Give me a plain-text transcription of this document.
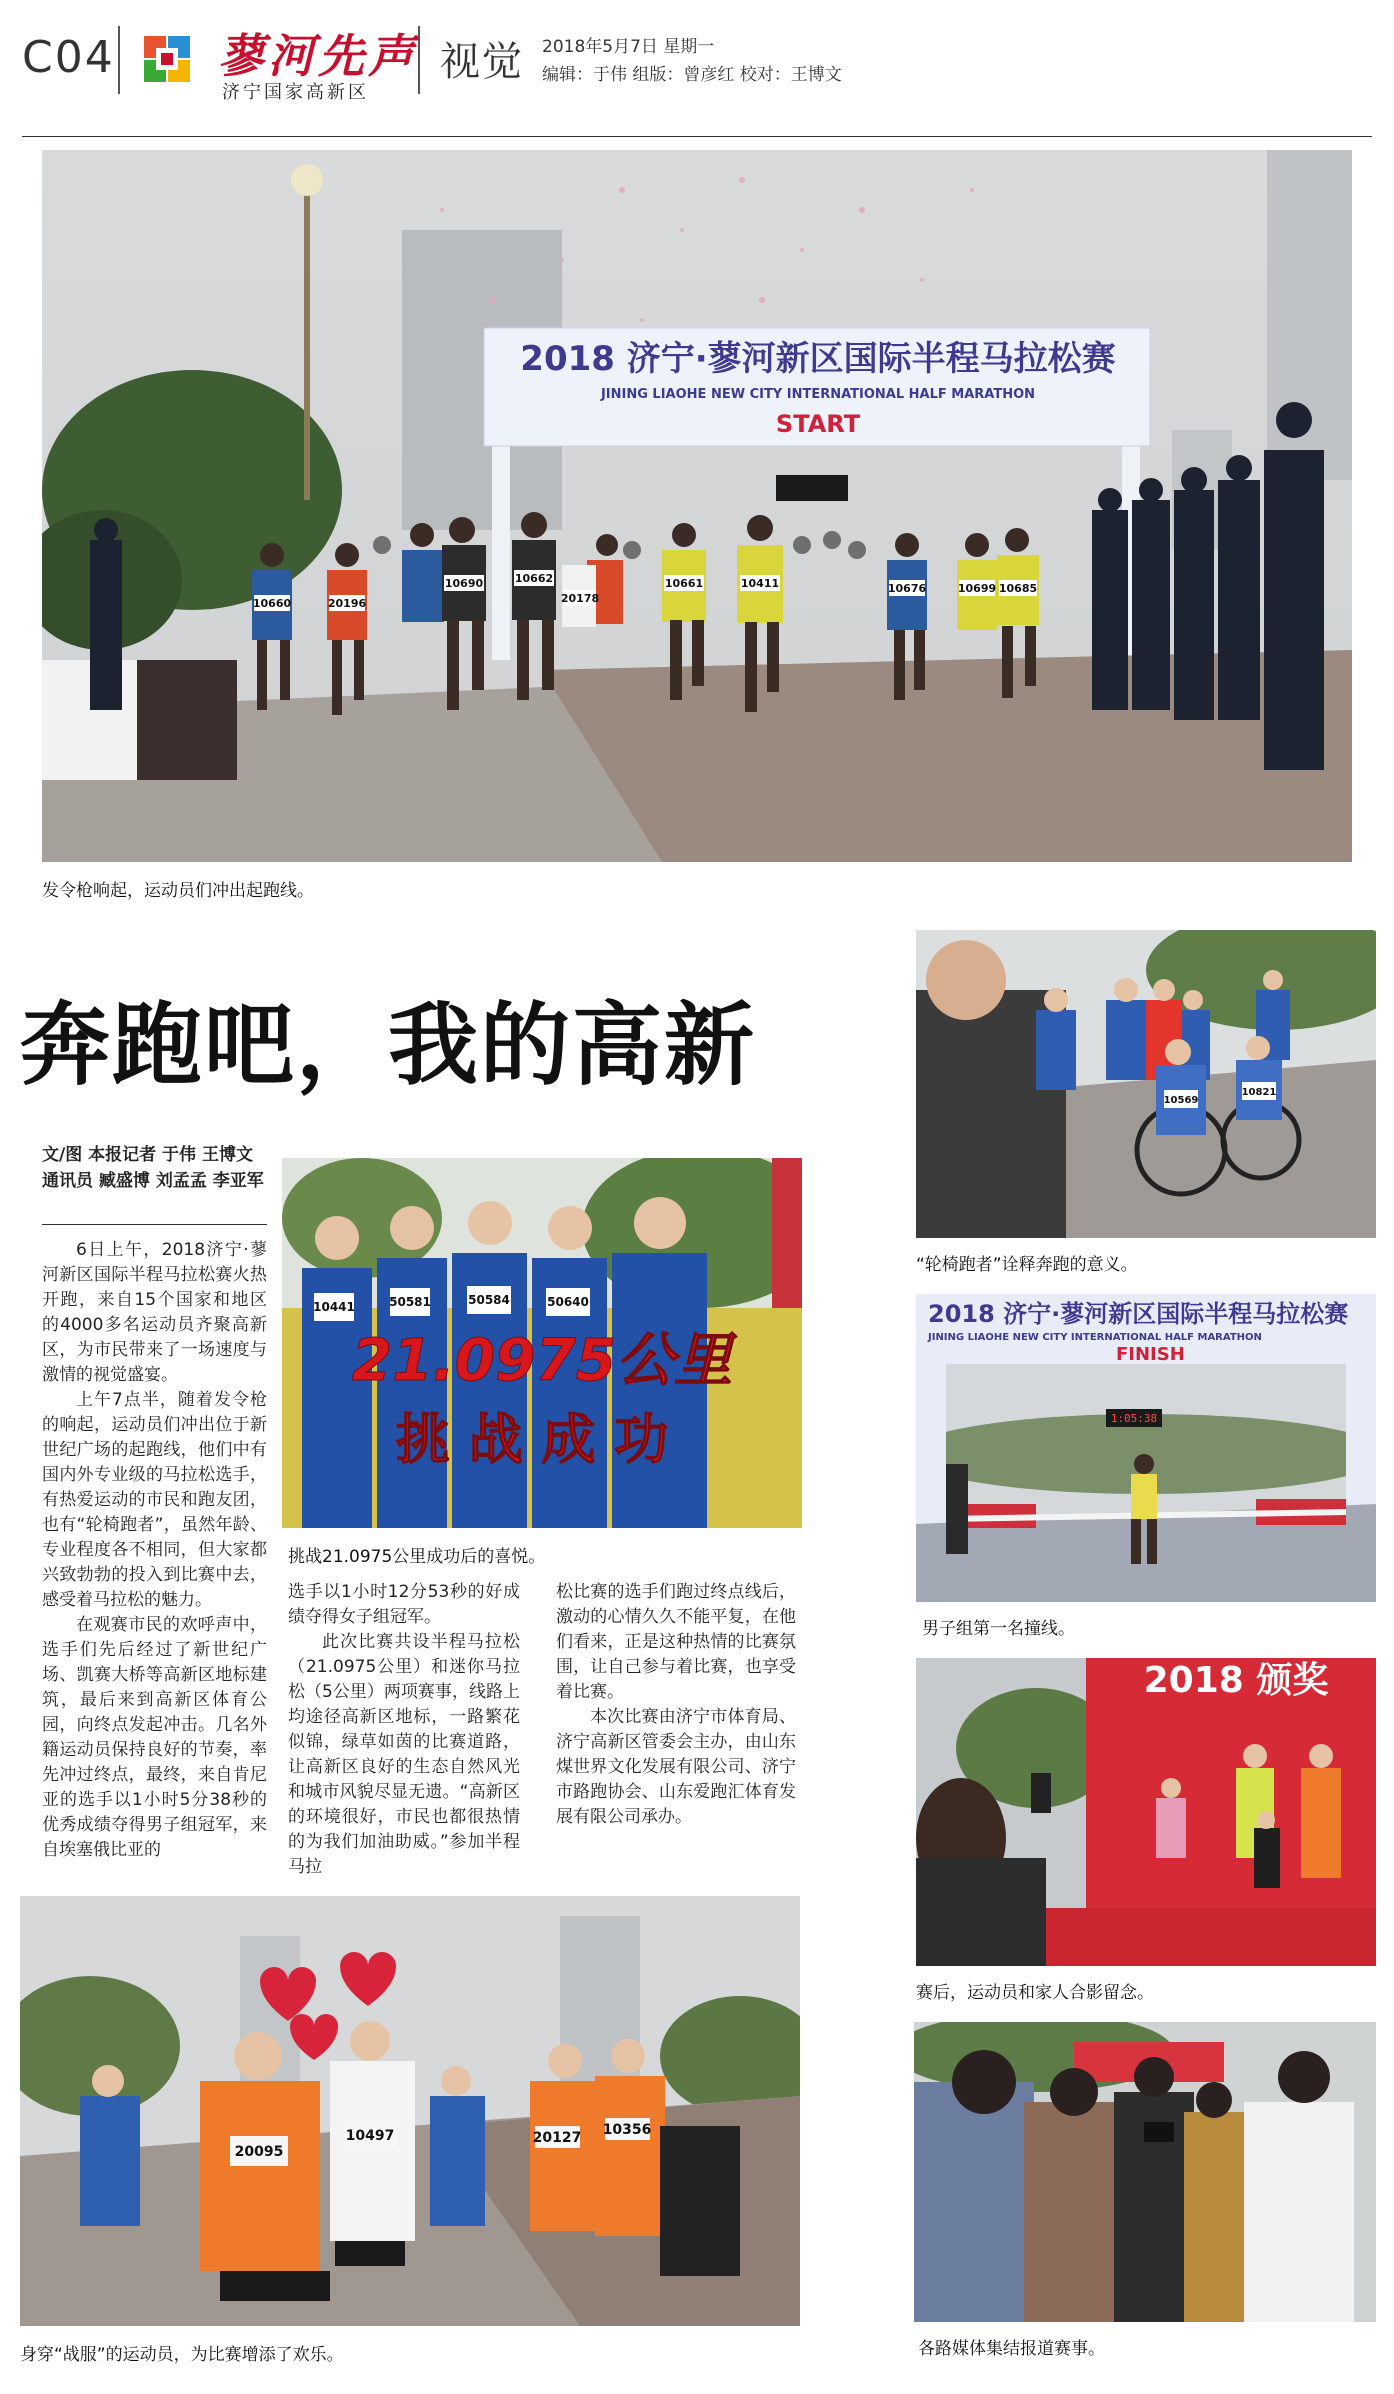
C04 蓼河先声
济宁国家高新区
视觉 2018年5月7日 星期一
编辑：于伟 组版：曾彦红 校对：王博文
2018 济宁·蓼河新区国际半程马拉松赛
JINING LIAOHE NEW CITY INTERNATIONAL HALF MARATHON
START
10660	20196
10690	10661	10411	10676	10699 10685
20178
10662
发令枪响起，运动员们冲出起跑线。
奔跑吧，我的高新
10441	50581	50584	50640
21.0975公里
挑 战 成 功
挑战21.0975公里成功后的喜悦。
文/图 本报记者 于伟 王博文 通讯员 臧盛博 刘孟孟 李亚军

6日上午，2018济宁·蓼河新区国际半程马拉松赛火热开跑，来自15个国家和地区的4000多名运动员齐聚高新区，为市民带来了一场速度与激情的视觉盛宴。

上午7点半，随着发令枪的响起，运动员们冲出位于新世纪广场的起跑线，他们中有国内外专业级的马拉松选手，有热爱运动的市民和跑友团，也有“轮椅跑者”，虽然年龄、专业程度各不相同，但大家都兴致勃勃的投入到比赛中去，感受着马拉松的魅力。

在观赛市民的欢呼声中，选手们先后经过了新世纪广场、凯赛大桥等高新区地标建筑，最后来到高新区体育公园，向终点发起冲击。几名外籍运动员保持良好的节奏，率先冲过终点，最终，来自肯尼亚的选手以1小时5分38秒的优秀成绩夺得男子组冠军，来自埃塞俄比亚的

选手以1小时12分53秒的好成绩夺得女子组冠军。

此次比赛共设半程马拉松（21.0975公里）和迷你马拉松（5公里）两项赛事，线路上均途径高新区地标，一路繁花似锦，绿草如茵的比赛道路，让高新区良好的生态自然风光和城市风貌尽显无遗。“高新区的环境很好，市民也都很热情的为我们加油助威。”参加半程马拉

松比赛的选手们跑过终点线后，激动的心情久久不能平复，在他们看来，正是这种热情的比赛氛围，让自己参与着比赛，也享受着比赛。

本次比赛由济宁市体育局、济宁高新区管委会主办，由山东煤世界文化发展有限公司、济宁市路跑协会、山东爱跑汇体育发展有限公司承办。

20095
10497	20127 10356
身穿“战服”的运动员，为比赛增添了欢乐。
10569
10821
“轮椅跑者”诠释奔跑的意义。
2018 济宁·蓼河新区国际半程马拉松赛
JINING LIAOHE NEW CITY INTERNATIONAL HALF MARATHON
FINISH
1:05:38
男子组第一名撞线。
2018 颁奖
赛后，运动员和家人合影留念。
各路媒体集结报道赛事。
